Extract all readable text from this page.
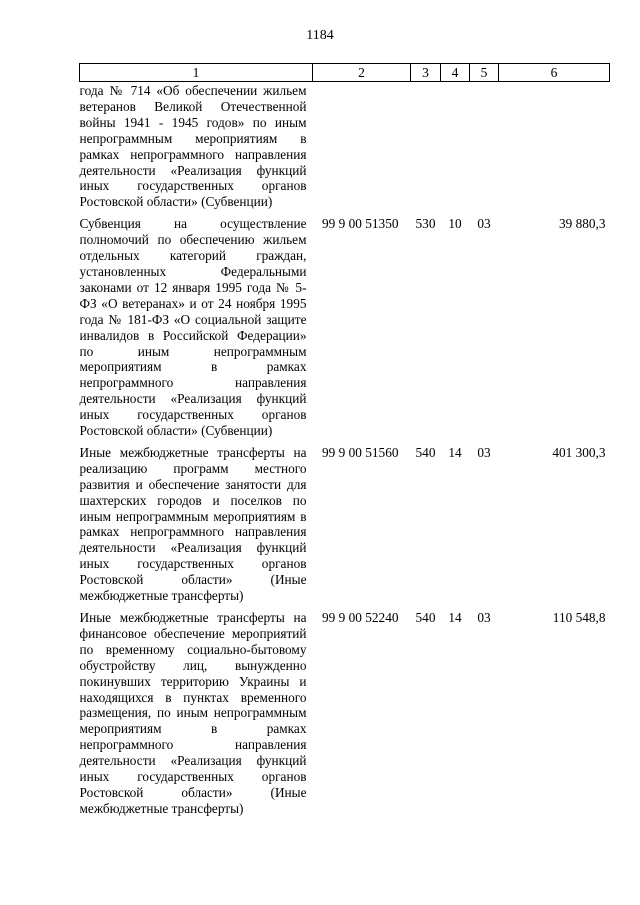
1184
1	2	3	4	5	6
года № 714 «Об обеспечении жильем ветеранов Великой Отечественной войны 1941 - 1945 годов» по иным непрограммным мероприятиям в рамках непрограммного направления деятельности «Реализация функций иных государственных органов Ростовской области» (Субвенции)					
Субвенция на осуществление полномочий по обеспечению жильем отдельных категорий граждан, установленных Федеральными законами от 12 января 1995 года № 5-ФЗ «О ветеранах» и от 24 ноября 1995 года № 181-ФЗ «О социальной защите инвалидов в Российской Федерации» по иным непрограммным мероприятиям в рамках непрограммного направления деятельности «Реализация функций иных государственных органов Ростовской области» (Субвенции)	99 9 00 51350	530	10	03	39 880,3
Иные межбюджетные трансферты на реализацию программ местного развития и обеспечение занятости для шахтерских городов и поселков по иным непрограммным мероприятиям в рамках непрограммного направления деятельности «Реализация функций иных государственных органов Ростовской области» (Иные межбюджетные трансферты)	99 9 00 51560	540	14	03	401 300,3
Иные межбюджетные трансферты на финансовое обеспечение мероприятий по временному социально-бытовому обустройству лиц, вынужденно покинувших территорию Украины и находящихся в пунктах временного размещения, по иным непрограммным мероприятиям в рамках непрограммного направления деятельности «Реализация функций иных государственных органов Ростовской области» (Иные межбюджетные трансферты)	99 9 00 52240	540	14	03	110 548,8
